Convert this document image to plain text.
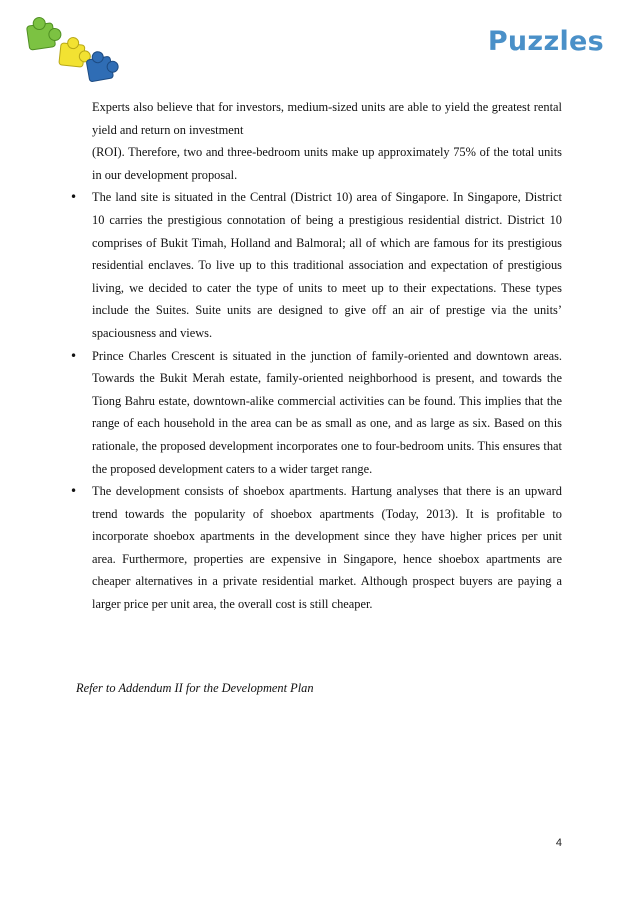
Puzzles

Experts also believe that for investors, medium-sized units are able to yield the greatest rental yield and return on investment

(ROI). Therefore, two and three-bedroom units make up approximately 75% of the total units in our development proposal.

• The land site is situated in the Central (District 10) area of Singapore. In Singapore, District 10 carries the prestigious connotation of being a prestigious residential district. District 10 comprises of Bukit Timah, Holland and Balmoral; all of which are famous for its prestigious residential enclaves. To live up to this traditional association and expectation of prestigious living, we decided to cater the type of units to meet up to their expectations. These types include the Suites. Suite units are designed to give off an air of prestige via the units’ spaciousness and views.
• Prince Charles Crescent is situated in the junction of family-oriented and downtown areas. Towards the Bukit Merah estate, family-oriented neighborhood is present, and towards the Tiong Bahru estate, downtown-alike commercial activities can be found. This implies that the range of each household in the area can be as small as one, and as large as six. Based on this rationale, the proposed development incorporates one to four-bedroom units. This ensures that the proposed development caters to a wider target range.
• The development consists of shoebox apartments. Hartung analyses that there is an upward trend towards the popularity of shoebox apartments (Today, 2013). It is profitable to incorporate shoebox apartments in the development since they have higher prices per unit area. Furthermore, properties are expensive in Singapore, hence shoebox apartments are cheaper alternatives in a private residential market. Although prospect buyers are paying a larger price per unit area, the overall cost is still cheaper.
Refer to Addendum II for the Development Plan
4
